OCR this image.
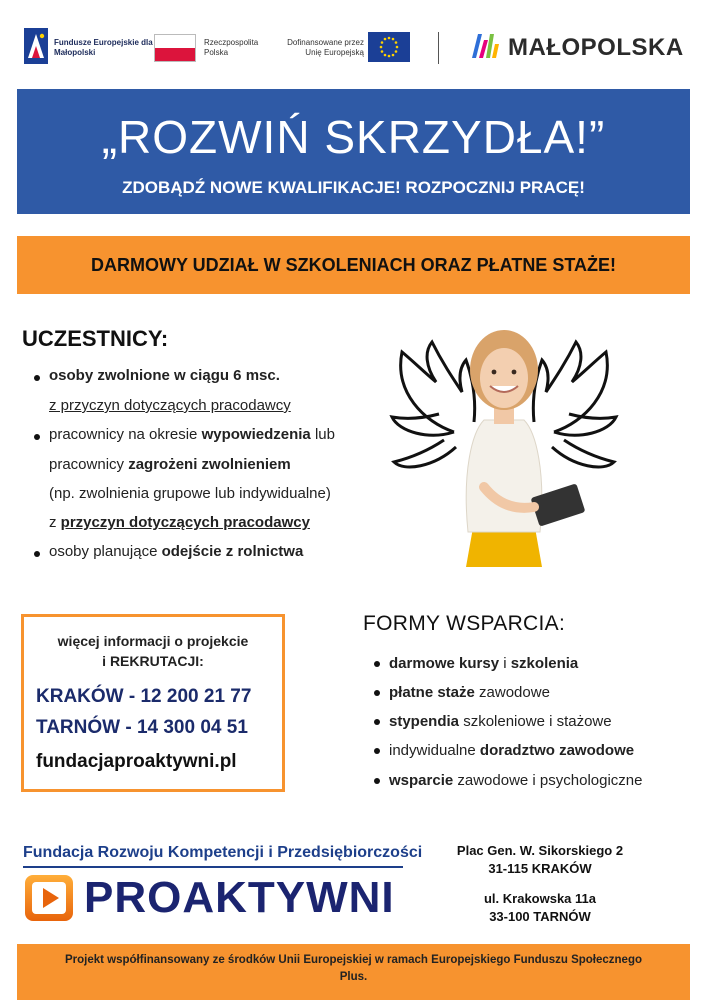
Fundusze Europejskie dla Małopolski
Rzeczpospolita Polska
Dofinansowane przez Unię Europejską	MAŁOPOLSKA
„ROZWIŃ SKRZYDŁA!”
ZDOBĄDŹ NOWE KWALIFIKACJE! ROZPOCZNIJ PRACĘ!
DARMOWY UDZIAŁ W SZKOLENIACH ORAZ PŁATNE STAŻE!
UCZESTNICY:
osoby zwolnione w ciągu 6 msc.
z przyczyn dotyczących pracodawcy
pracownicy na okresie wypowiedzenia lub
pracownicy zagrożeni zwolnieniem
(np. zwolnienia grupowe lub indywidualne)
z przyczyn dotyczących pracodawcy
osoby planujące odejście z rolnictwa
więcej informacji o projekcie
i REKRUTACJI:
KRAKÓW - 12 200 21 77
TARNÓW - 14 300 04 51
fundacjaproaktywni.pl
FORMY WSPARCIA:
darmowe kursy i szkolenia
płatne staże zawodowe
stypendia szkoleniowe i stażowe
indywidualne doradztwo zawodowe
wsparcie zawodowe i psychologiczne
Fundacja Rozwoju Kompetencji i Przedsiębiorczości
PROAKTYWNI
Plac Gen. W. Sikorskiego 2
31-115 KRAKÓW
ul. Krakowska 11a
33-100 TARNÓW
Projekt współfinansowany ze środków Unii Europejskiej w ramach Europejskiego Funduszu Społecznego Plus.
